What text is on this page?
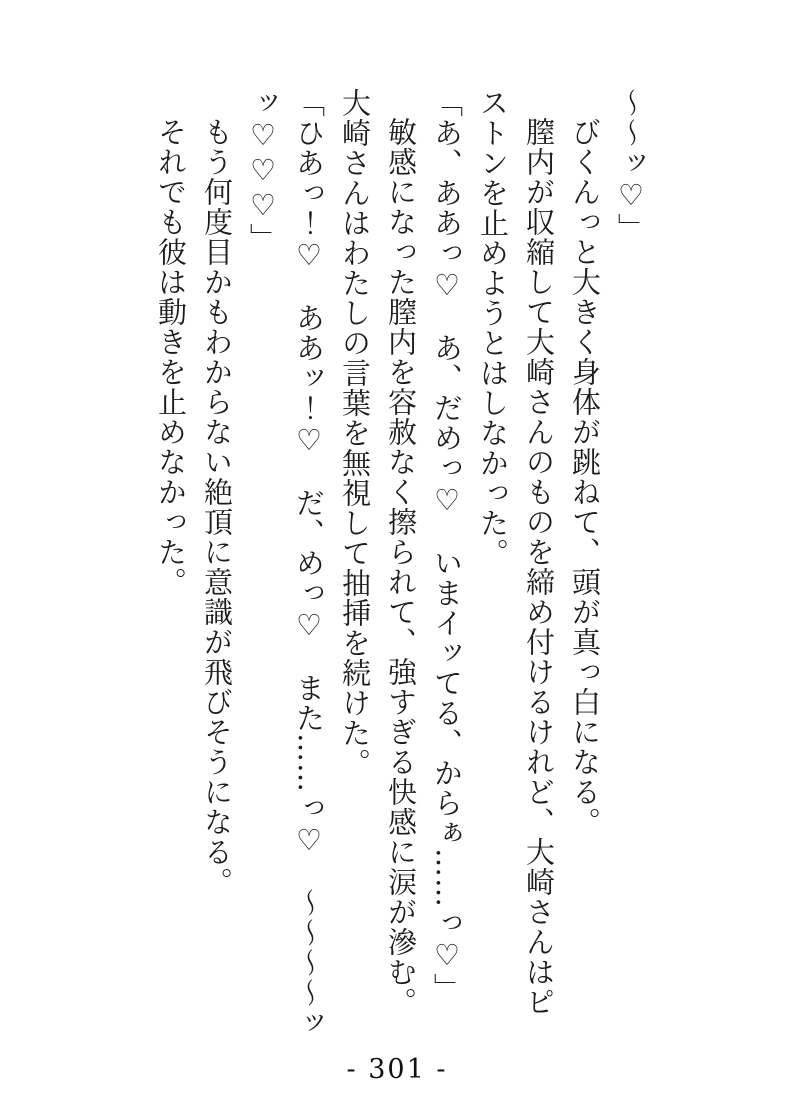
〜〜ッ♡」

びくんっと大きく身体が跳ねて、頭が真っ白になる。

膣内が収縮して大崎さんのものを締め付けるけれど、大崎さんはピ

ストンを止めようとはしなかった。

「あ、ああっ♡　あ、だめっ♡　いまイッてる、からぁ……っ♡」

敏感になった膣内を容赦なく擦られて、強すぎる快感に涙が滲む。

大崎さんはわたしの言葉を無視して抽挿を続けた。

「ひあっ！♡　ああッ！♡　だ、めっ♡　また……っ♡　〜〜〜〜ッ

ッ♡♡♡」

もう何度目かもわからない絶頂に意識が飛びそうになる。

それでも彼は動きを止めなかった。

- 301 -
